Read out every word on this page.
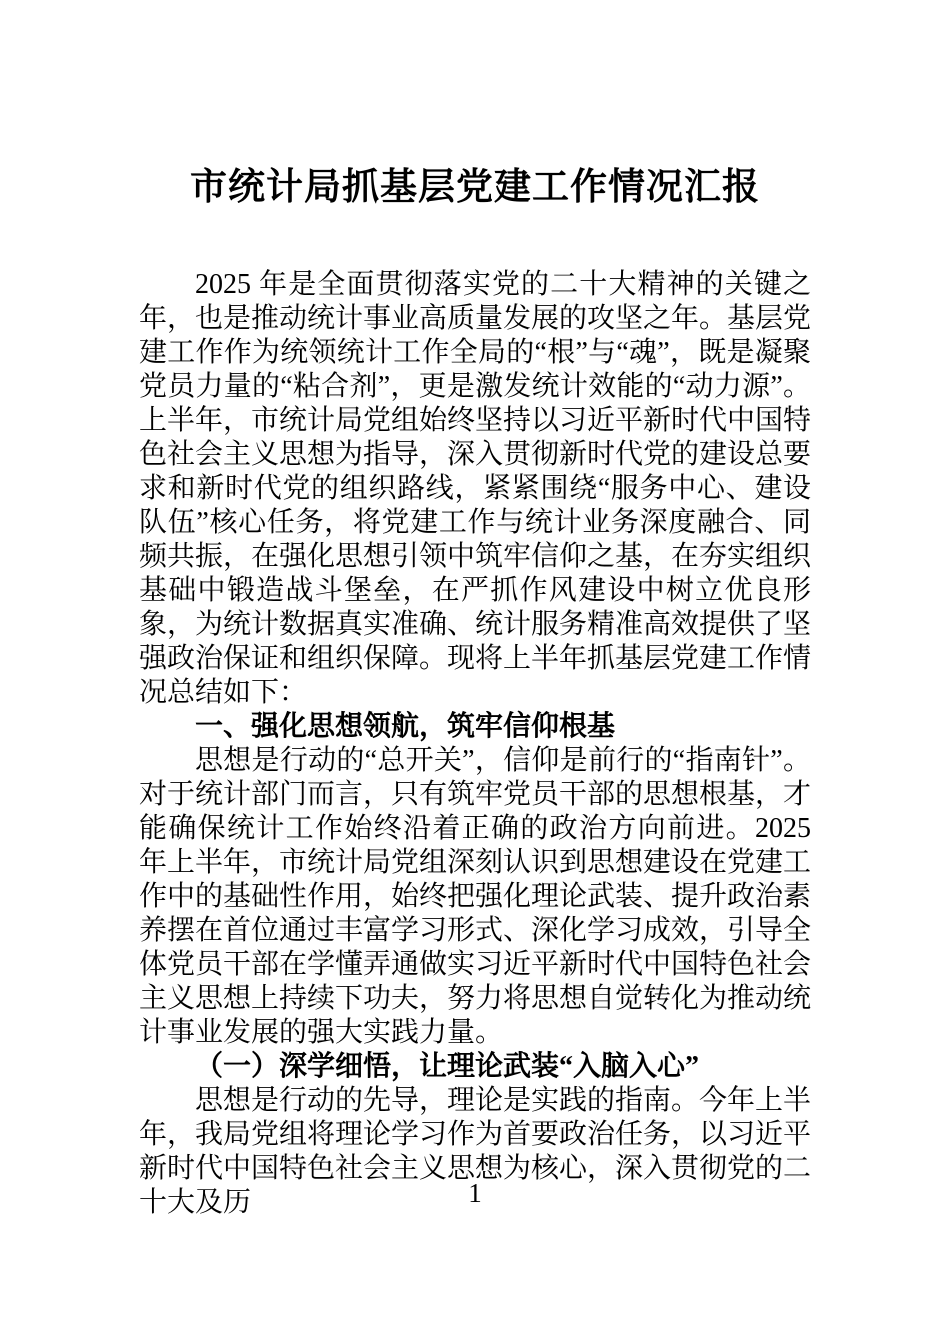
市统计局抓基层党建工作情况汇报

2025 年是全面贯彻落实党的二十大精神的关键之年，也是推动统计事业高质量发展的攻坚之年。基层党建工作作为统领统计工作全局的“根”与“魂”，既是凝聚党员力量的“粘合剂”，更是激发统计效能的“动力源”。上半年，市统计局党组始终坚持以习近平新时代中国特色社会主义思想为指导，深入贯彻新时代党的建设总要求和新时代党的组织路线，紧紧围绕“服务中心、建设队伍”核心任务，将党建工作与统计业务深度融合、同频共振，在强化思想引领中筑牢信仰之基，在夯实组织基础中锻造战斗堡垒，在严抓作风建设中树立优良形象，为统计数据真实准确、统计服务精准高效提供了坚强政治保证和组织保障。现将上半年抓基层党建工作情况总结如下：

一、强化思想领航，筑牢信仰根基

思想是行动的“总开关”，信仰是前行的“指南针”。对于统计部门而言，只有筑牢党员干部的思想根基，才能确保统计工作始终沿着正确的政治方向前进。2025 年上半年，市统计局党组深刻认识到思想建设在党建工作中的基础性作用，始终把强化理论武装、提升政治素养摆在首位通过丰富学习形式、深化学习成效，引导全体党员干部在学懂弄通做实习近平新时代中国特色社会主义思想上持续下功夫，努力将思想自觉转化为推动统计事业发展的强大实践力量。

（一）深学细悟，让理论武装“入脑入心”

思想是行动的先导，理论是实践的指南。今年上半年，我局党组将理论学习作为首要政治任务，以习近平新时代中国特色社会主义思想为核心，深入贯彻党的二十大及历	1
